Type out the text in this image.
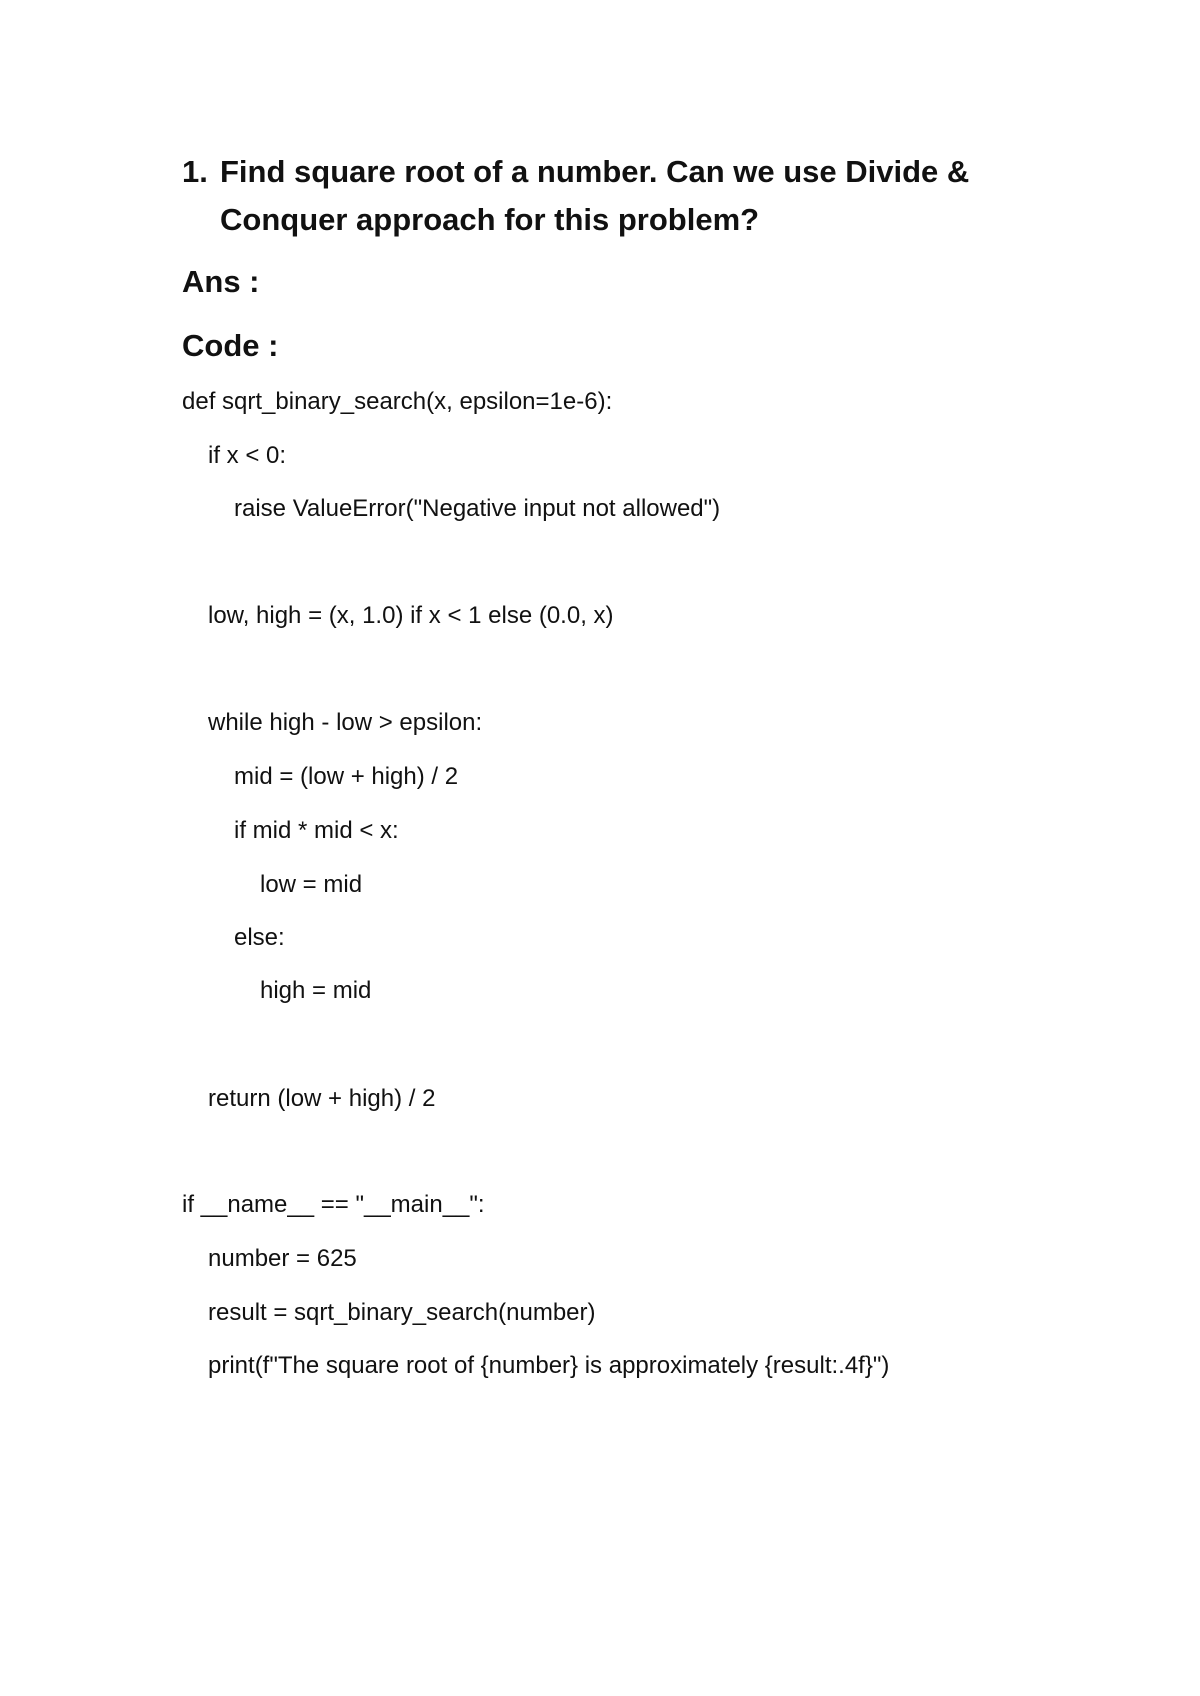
1. Find square root of a number. Can we use Divide & Conquer approach for this problem?
Ans :
Code :
def sqrt_binary_search(x, epsilon=1e-6):
if x < 0:
raise ValueError("Negative input not allowed")
low, high = (x, 1.0) if x < 1 else (0.0, x)
while high - low > epsilon:
mid = (low + high) / 2
if mid * mid < x:
low = mid
else:
high = mid
return (low + high) / 2
if __name__ == "__main__":
number = 625
result = sqrt_binary_search(number)
print(f"The square root of {number} is approximately {result:.4f}")
